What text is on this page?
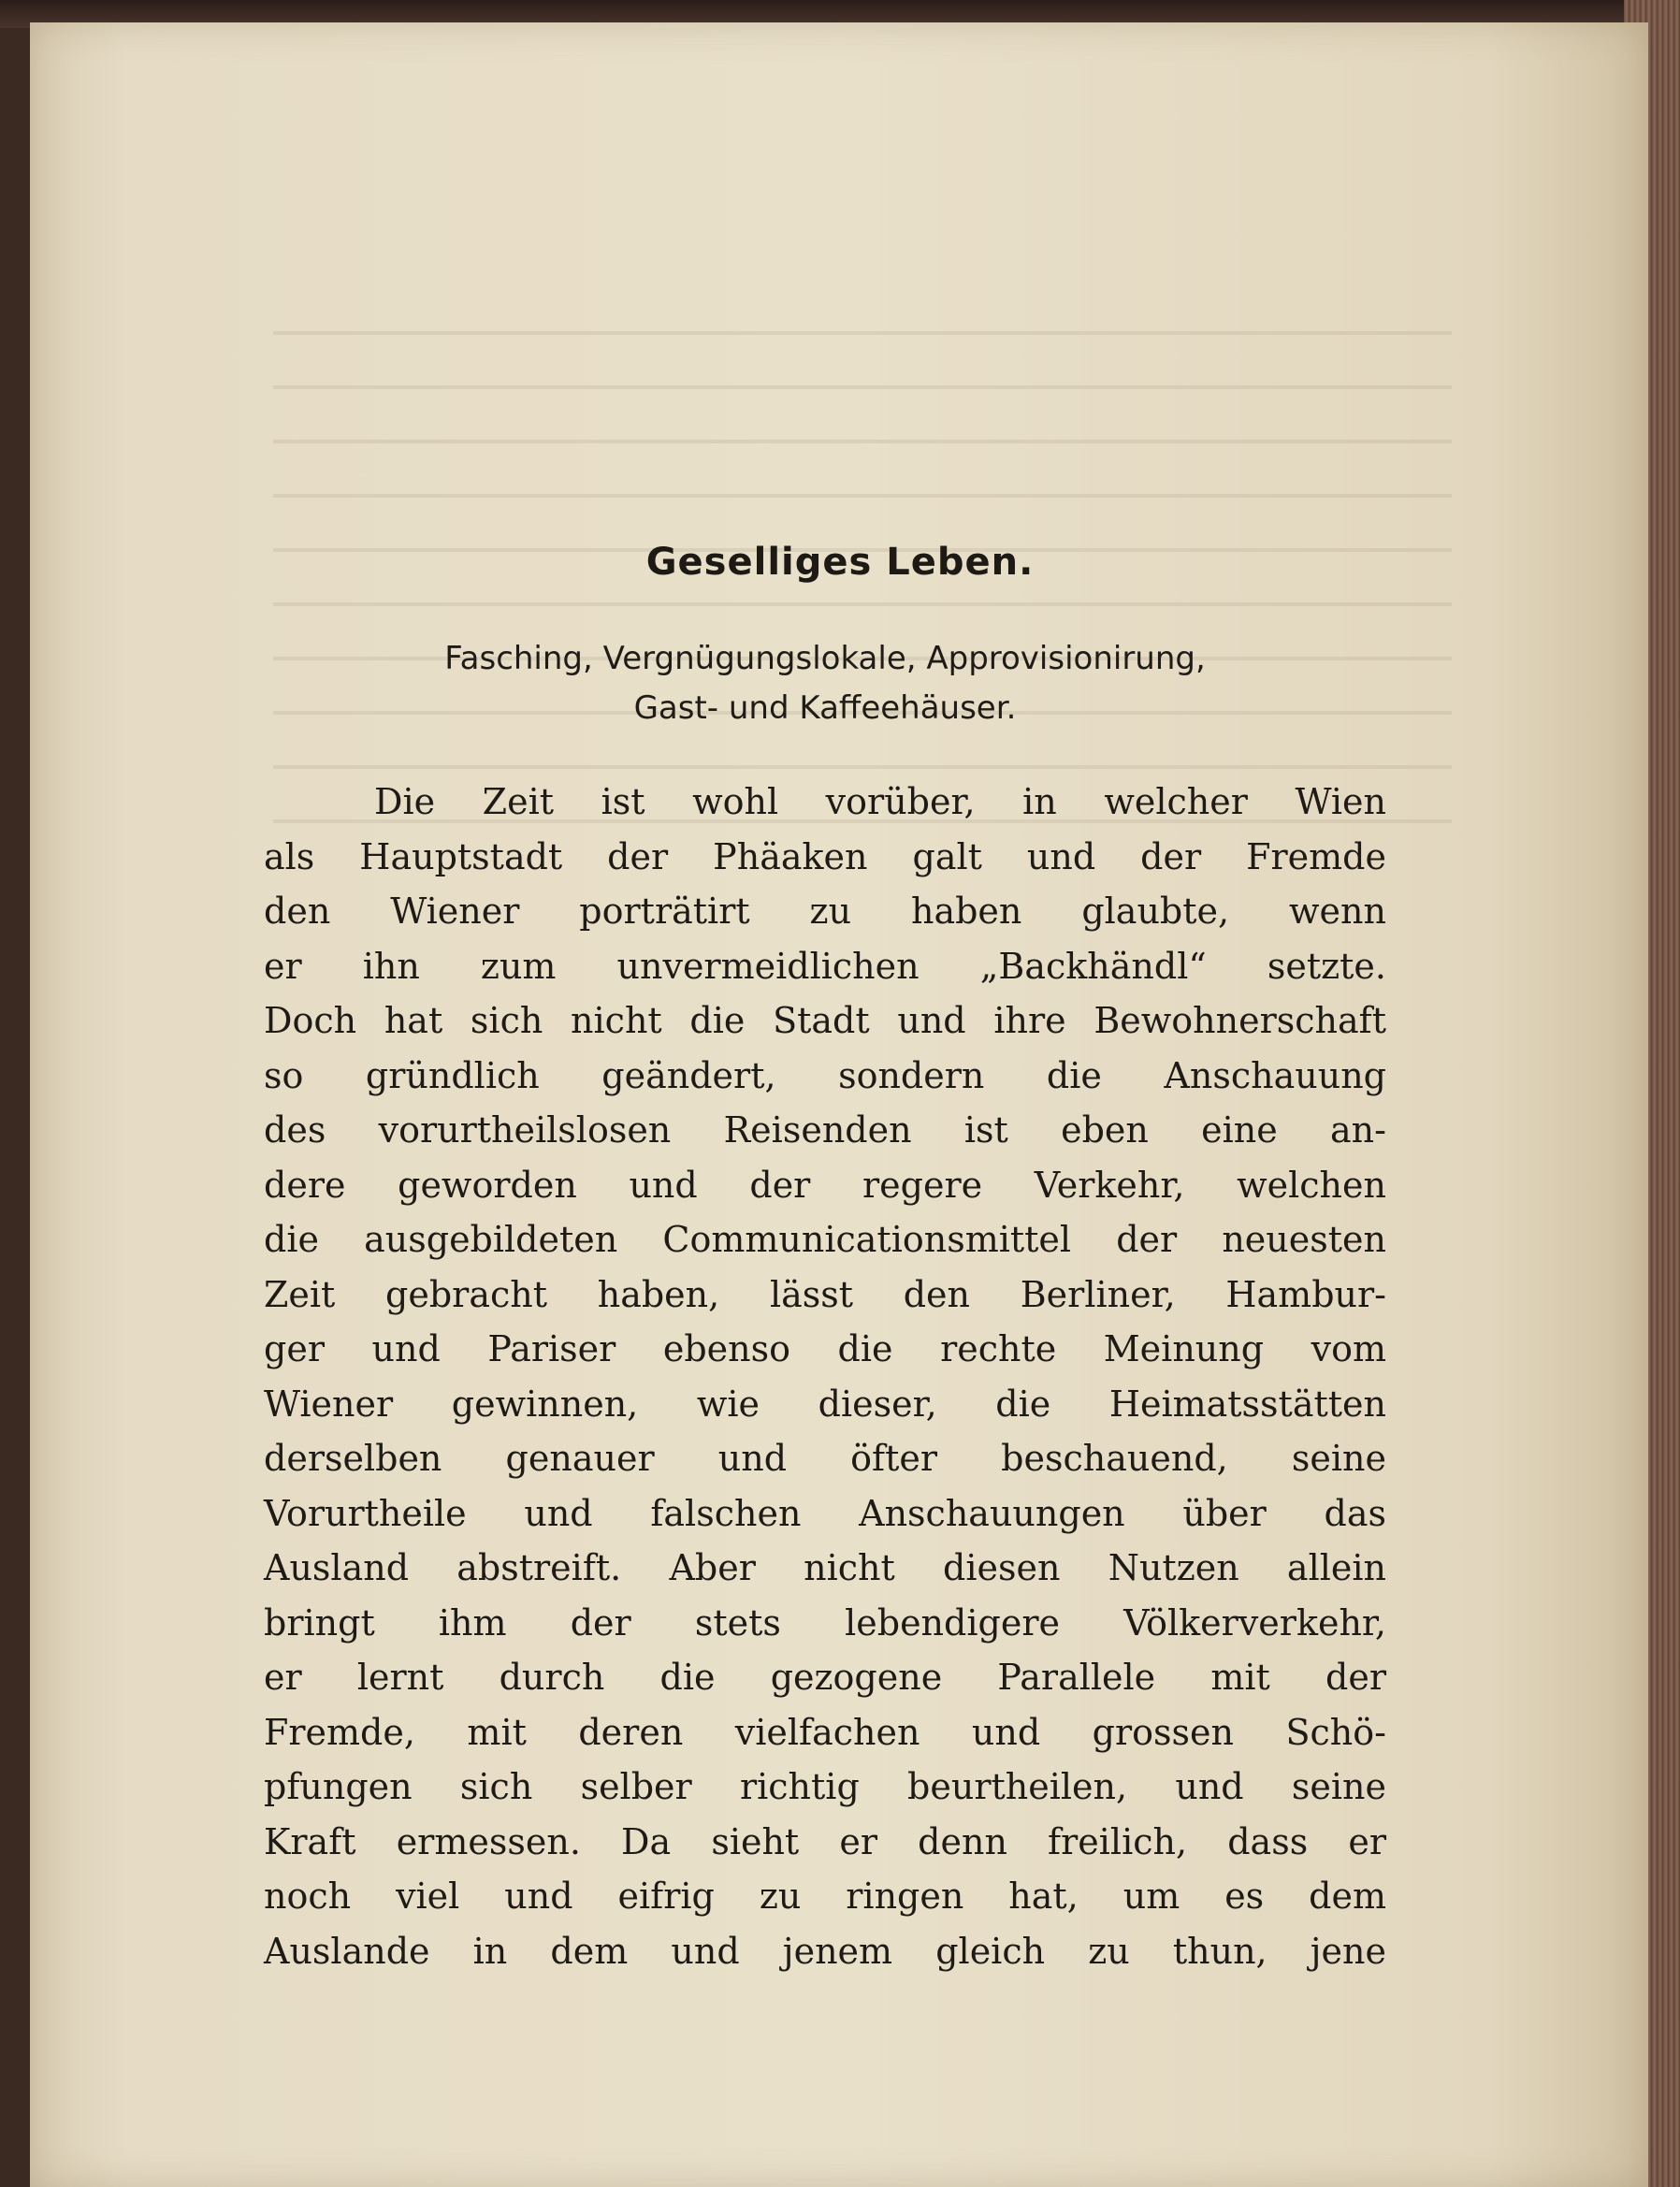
Geselliges Leben.
Fasching, Vergnügungslokale, Approvisionirung,
Gast- und Kaffeehäuser.
Die Zeit ist wohl vorüber, in welcher Wien
als Hauptstadt der Phäaken galt und der Fremde
den Wiener porträtirt zu haben glaubte, wenn
er ihn zum unvermeidlichen „Backhändl“ setzte.
Doch hat sich nicht die Stadt und ihre Bewohnerschaft
so gründlich geändert, sondern die Anschauung
des vorurtheilslosen Reisenden ist eben eine an-
dere geworden und der regere Verkehr, welchen
die ausgebildeten Communicationsmittel der neuesten
Zeit gebracht haben, lässt den Berliner, Hambur-
ger und Pariser ebenso die rechte Meinung vom
Wiener gewinnen, wie dieser, die Heimatsstätten
derselben genauer und öfter beschauend, seine
Vorurtheile und falschen Anschauungen über das
Ausland abstreift. Aber nicht diesen Nutzen allein
bringt ihm der stets lebendigere Völkerverkehr,
er lernt durch die gezogene Parallele mit der
Fremde, mit deren vielfachen und grossen Schö-
pfungen sich selber richtig beurtheilen, und seine
Kraft ermessen. Da sieht er denn freilich, dass er
noch viel und eifrig zu ringen hat, um es dem
Auslande in dem und jenem gleich zu thun, jene
